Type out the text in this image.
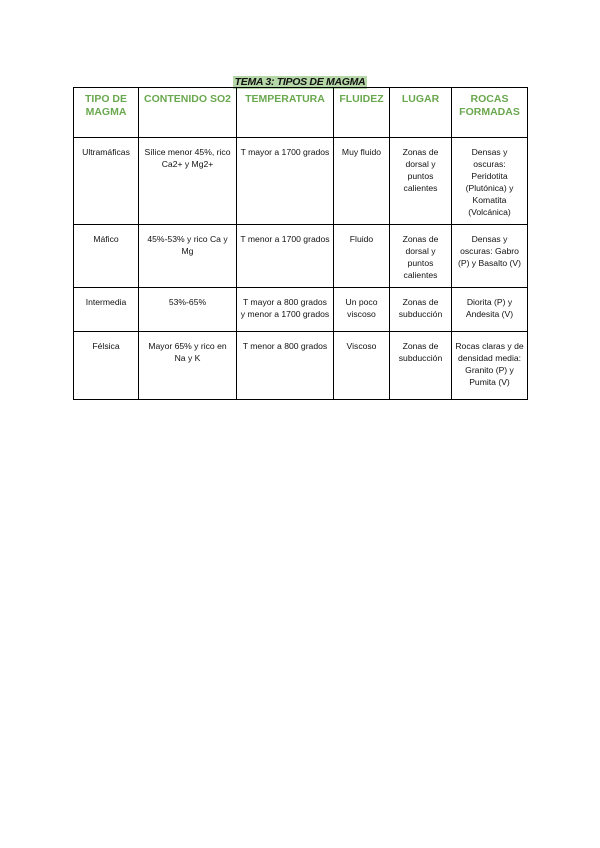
TEMA 3: TIPOS DE MAGMA
TIPO DE MAGMA	CONTENIDO SO2	TEMPERATURA	FLUIDEZ	LUGAR	ROCAS FORMADAS
Ultramáficas	Sílice menor 45%, rico Ca2+ y Mg2+	T mayor a 1700 grados	Muy fluido	Zonas de dorsal y puntos calientes	Densas y oscuras: Peridotita (Plutónica) y Komatita (Volcánica)
Máfico	45%-53% y rico Ca y Mg	T menor a 1700 grados	Fluido	Zonas de dorsal y puntos calientes	Densas y oscuras: Gabro (P) y Basalto (V)
Intermedia	53%-65%	T mayor a 800 grados y menor a 1700 grados	Un poco viscoso	Zonas de subducción	Diorita (P) y Andesita (V)
Félsica	Mayor 65% y rico en Na y K	T menor a 800 grados	Viscoso	Zonas de subducción	Rocas claras y de densidad media: Granito (P) y Pumita (V)
